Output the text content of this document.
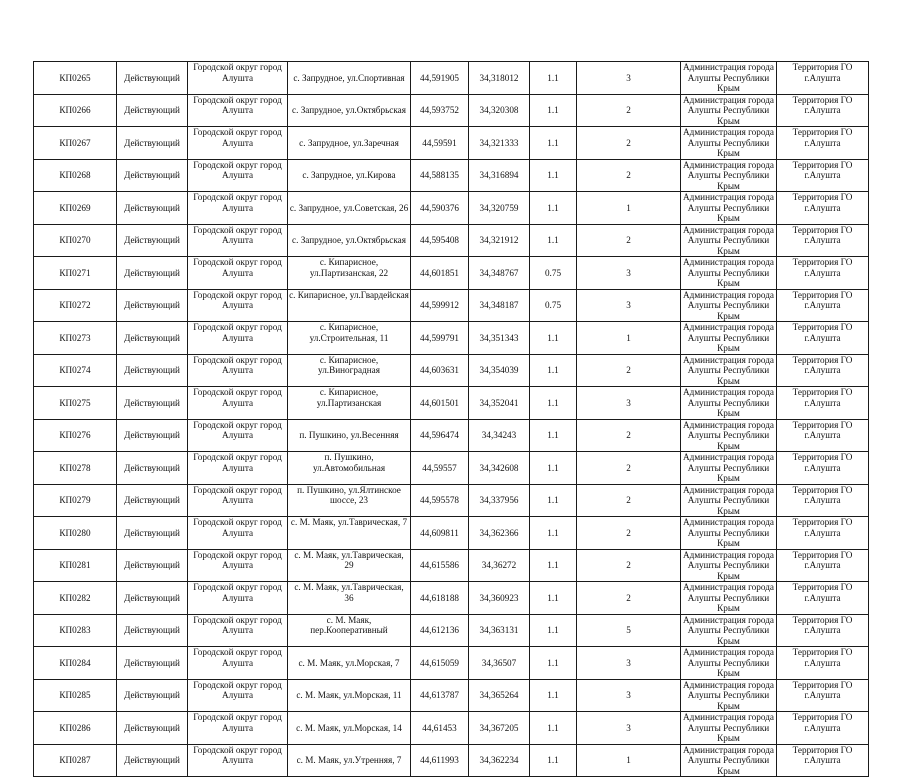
КП0265	Действующий	Городской округ город Алушта	с. Запрудное, ул.Спортивная	44,591905	34,318012	1.1	3	Администрация города Алушты Республики Крым	Территория ГО г.Алушта
КП0266	Действующий	Городской округ город Алушта	с. Запрудное, ул.Октябрьская	44,593752	34,320308	1.1	2	Администрация города Алушты Республики Крым	Территория ГО г.Алушта
КП0267	Действующий	Городской округ город Алушта	с. Запрудное, ул.Заречная	44,59591	34,321333	1.1	2	Администрация города Алушты Республики Крым	Территория ГО г.Алушта
КП0268	Действующий	Городской округ город Алушта	с. Запрудное, ул.Кирова	44,588135	34,316894	1.1	2	Администрация города Алушты Республики Крым	Территория ГО г.Алушта
КП0269	Действующий	Городской округ город Алушта	с. Запрудное, ул.Советская, 26	44,590376	34,320759	1.1	1	Администрация города Алушты Республики Крым	Территория ГО г.Алушта
КП0270	Действующий	Городской округ город Алушта	с. Запрудное, ул.Октябрьская	44,595408	34,321912	1.1	2	Администрация города Алушты Республики Крым	Территория ГО г.Алушта
КП0271	Действующий	Городской округ город Алушта	с. Кипарисное, ул.Партизанская, 22	44,601851	34,348767	0.75	3	Администрация города Алушты Республики Крым	Территория ГО г.Алушта
КП0272	Действующий	Городской округ город Алушта	с. Кипарисное, ул.Гвардейская	44,599912	34,348187	0.75	3	Администрация города Алушты Республики Крым	Территория ГО г.Алушта
КП0273	Действующий	Городской округ город Алушта	с. Кипарисное, ул.Строительная, 11	44,599791	34,351343	1.1	1	Администрация города Алушты Республики Крым	Территория ГО г.Алушта
КП0274	Действующий	Городской округ город Алушта	с. Кипарисное, ул.Виноградная	44,603631	34,354039	1.1	2	Администрация города Алушты Республики Крым	Территория ГО г.Алушта
КП0275	Действующий	Городской округ город Алушта	с. Кипарисное, ул.Партизанская	44,601501	34,352041	1.1	3	Администрация города Алушты Республики Крым	Территория ГО г.Алушта
КП0276	Действующий	Городской округ город Алушта	п. Пушкино, ул.Весенняя	44,596474	34,34243	1.1	2	Администрация города Алушты Республики Крым	Территория ГО г.Алушта
КП0278	Действующий	Городской округ город Алушта	п. Пушкино, ул.Автомобильная	44,59557	34,342608	1.1	2	Администрация города Алушты Республики Крым	Территория ГО г.Алушта
КП0279	Действующий	Городской округ город Алушта	п. Пушкино, ул.Ялтинское шоссе, 23	44,595578	34,337956	1.1	2	Администрация города Алушты Республики Крым	Территория ГО г.Алушта
КП0280	Действующий	Городской округ город Алушта	с. М. Маяк, ул.Таврическая, 7	44,609811	34,362366	1.1	2	Администрация города Алушты Республики Крым	Территория ГО г.Алушта
КП0281	Действующий	Городской округ город Алушта	с. М. Маяк, ул.Таврическая, 29	44,615586	34,36272	1.1	2	Администрация города Алушты Республики Крым	Территория ГО г.Алушта
КП0282	Действующий	Городской округ город Алушта	с. М. Маяк, ул.Таврическая, 36	44,618188	34,360923	1.1	2	Администрация города Алушты Республики Крым	Территория ГО г.Алушта
КП0283	Действующий	Городской округ город Алушта	с. М. Маяк, пер.Кооперативный	44,612136	34,363131	1.1	5	Администрация города Алушты Республики Крым	Территория ГО г.Алушта
КП0284	Действующий	Городской округ город Алушта	с. М. Маяк, ул.Морская, 7	44,615059	34,36507	1.1	3	Администрация города Алушты Республики Крым	Территория ГО г.Алушта
КП0285	Действующий	Городской округ город Алушта	с. М. Маяк, ул.Морская, 11	44,613787	34,365264	1.1	3	Администрация города Алушты Республики Крым	Территория ГО г.Алушта
КП0286	Действующий	Городской округ город Алушта	с. М. Маяк, ул.Морская, 14	44,61453	34,367205	1.1	3	Администрация города Алушты Республики Крым	Территория ГО г.Алушта
КП0287	Действующий	Городской округ город Алушта	с. М. Маяк, ул.Утренняя, 7	44,611993	34,362234	1.1	1	Администрация города Алушты Республики Крым	Территория ГО г.Алушта
